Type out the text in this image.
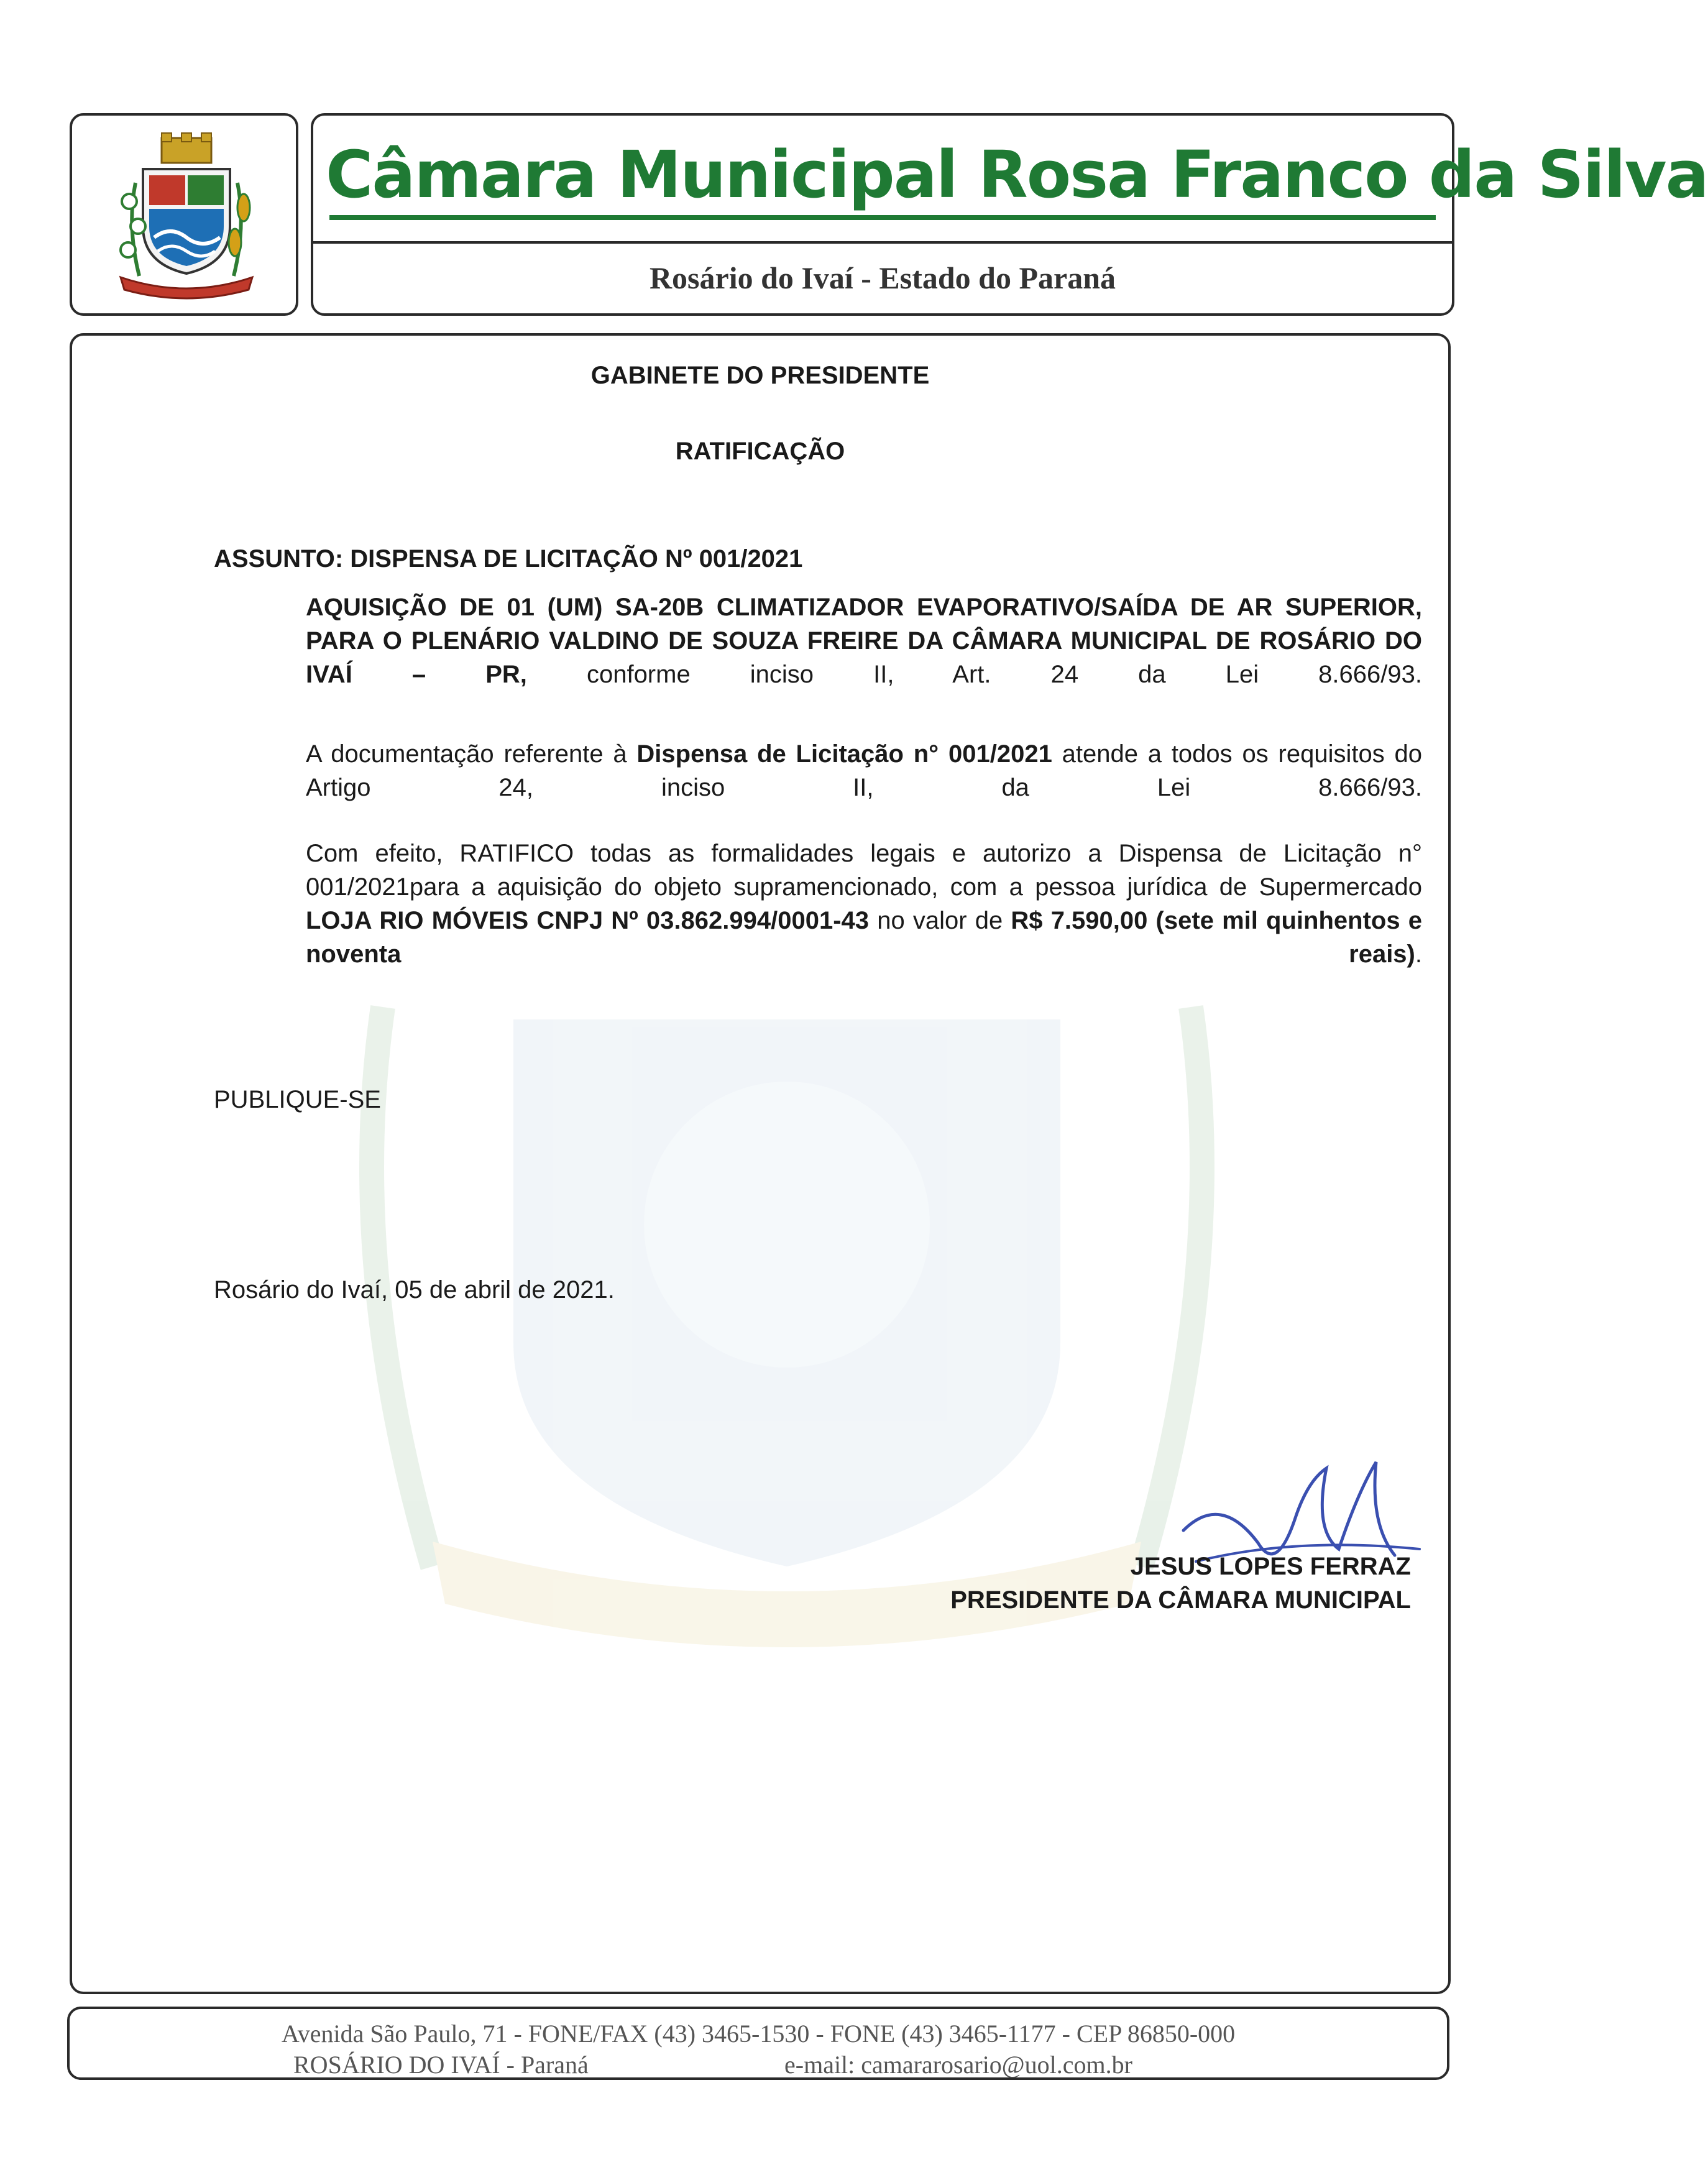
Câmara Municipal Rosa Franco da Silva
Rosário do Ivaí - Estado do Paraná
GABINETE DO PRESIDENTE
RATIFICAÇÃO
ASSUNTO: DISPENSA DE LICITAÇÃO Nº 001/2021
AQUISIÇÃO DE 01 (UM) SA-20B CLIMATIZADOR EVAPORATIVO/SAÍDA DE AR SUPERIOR, PARA O PLENÁRIO VALDINO DE SOUZA FREIRE DA CÂMARA MUNICIPAL DE ROSÁRIO DO IVAÍ – PR, conforme inciso II, Art. 24 da Lei 8.666/93.
A documentação referente à Dispensa de Licitação n° 001/2021 atende a todos os requisitos do Artigo 24, inciso II, da Lei 8.666/93.
Com efeito, RATIFICO todas as formalidades legais e autorizo a Dispensa de Licitação n° 001/2021para a aquisição do objeto supramencionado, com a pessoa jurídica de Supermercado LOJA RIO MÓVEIS CNPJ Nº 03.862.994/0001-43 no valor de R$ 7.590,00 (sete mil quinhentos e noventa reais).
PUBLIQUE-SE
Rosário do Ivaí, 05 de abril de 2021.
JESUS LOPES FERRAZ
PRESIDENTE DA CÂMARA MUNICIPAL
Avenida São Paulo, 71 - FONE/FAX (43) 3465-1530 - FONE (43) 3465-1177 - CEP 86850-000
ROSÁRIO DO IVAÍ - Paraná	e-mail: camararosario@uol.com.br
